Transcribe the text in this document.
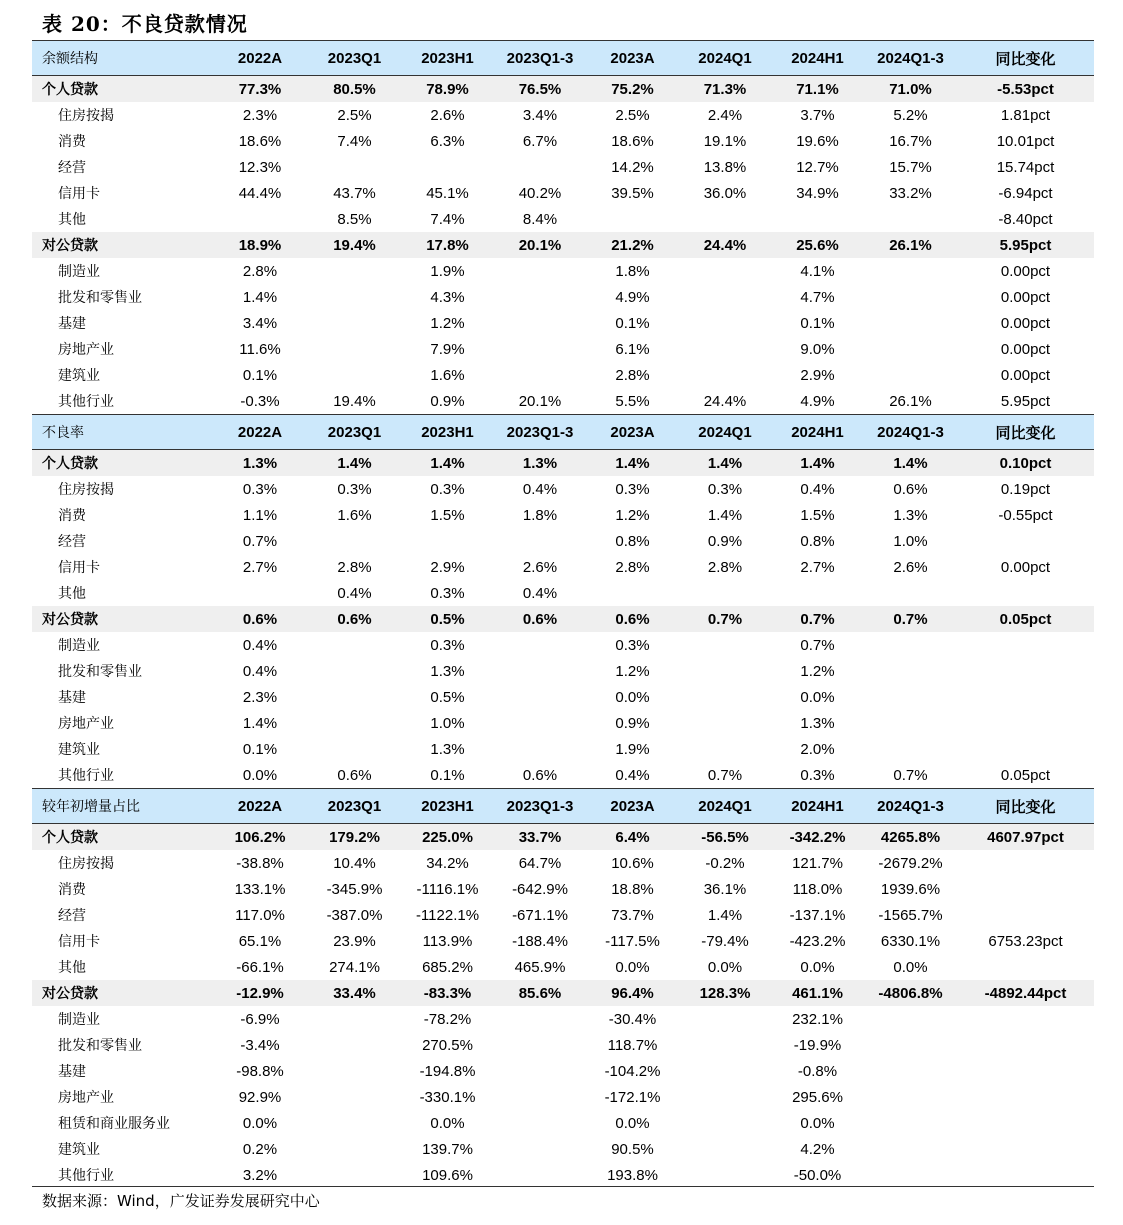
表 20：不良贷款情况
余额结构	2022A	2023Q1	2023H1	2023Q1-3	2023A	2024Q1	2024H1	2024Q1-3	同比变化
个人贷款	77.3%	80.5%	78.9%	76.5%	75.2%	71.3%	71.1%	71.0%	-5.53pct
住房按揭	2.3%	2.5%	2.6%	3.4%	2.5%	2.4%	3.7%	5.2%	1.81pct
消费	18.6%	7.4%	6.3%	6.7%	18.6%	19.1%	19.6%	16.7%	10.01pct
经营	12.3%				14.2%	13.8%	12.7%	15.7%	15.74pct
信用卡	44.4%	43.7%	45.1%	40.2%	39.5%	36.0%	34.9%	33.2%	-6.94pct
其他		8.5%	7.4%	8.4%					-8.40pct
对公贷款	18.9%	19.4%	17.8%	20.1%	21.2%	24.4%	25.6%	26.1%	5.95pct
制造业	2.8%		1.9%		1.8%		4.1%		0.00pct
批发和零售业	1.4%		4.3%		4.9%		4.7%		0.00pct
基建	3.4%		1.2%		0.1%		0.1%		0.00pct
房地产业	11.6%		7.9%		6.1%		9.0%		0.00pct
建筑业	0.1%		1.6%		2.8%		2.9%		0.00pct
其他行业	-0.3%	19.4%	0.9%	20.1%	5.5%	24.4%	4.9%	26.1%	5.95pct
不良率	2022A	2023Q1	2023H1	2023Q1-3	2023A	2024Q1	2024H1	2024Q1-3	同比变化
个人贷款	1.3%	1.4%	1.4%	1.3%	1.4%	1.4%	1.4%	1.4%	0.10pct
住房按揭	0.3%	0.3%	0.3%	0.4%	0.3%	0.3%	0.4%	0.6%	0.19pct
消费	1.1%	1.6%	1.5%	1.8%	1.2%	1.4%	1.5%	1.3%	-0.55pct
经营	0.7%				0.8%	0.9%	0.8%	1.0%	
信用卡	2.7%	2.8%	2.9%	2.6%	2.8%	2.8%	2.7%	2.6%	0.00pct
其他		0.4%	0.3%	0.4%					
对公贷款	0.6%	0.6%	0.5%	0.6%	0.6%	0.7%	0.7%	0.7%	0.05pct
制造业	0.4%		0.3%		0.3%		0.7%		
批发和零售业	0.4%		1.3%		1.2%		1.2%		
基建	2.3%		0.5%		0.0%		0.0%		
房地产业	1.4%		1.0%		0.9%		1.3%		
建筑业	0.1%		1.3%		1.9%		2.0%		
其他行业	0.0%	0.6%	0.1%	0.6%	0.4%	0.7%	0.3%	0.7%	0.05pct
较年初增量占比	2022A	2023Q1	2023H1	2023Q1-3	2023A	2024Q1	2024H1	2024Q1-3	同比变化
个人贷款	106.2%	179.2%	225.0%	33.7%	6.4%	-56.5%	-342.2%	4265.8%	4607.97pct
住房按揭	-38.8%	10.4%	34.2%	64.7%	10.6%	-0.2%	121.7%	-2679.2%	
消费	133.1%	-345.9%	-1116.1%	-642.9%	18.8%	36.1%	118.0%	1939.6%	
经营	117.0%	-387.0%	-1122.1%	-671.1%	73.7%	1.4%	-137.1%	-1565.7%	
信用卡	65.1%	23.9%	113.9%	-188.4%	-117.5%	-79.4%	-423.2%	6330.1%	6753.23pct
其他	-66.1%	274.1%	685.2%	465.9%	0.0%	0.0%	0.0%	0.0%	
对公贷款	-12.9%	33.4%	-83.3%	85.6%	96.4%	128.3%	461.1%	-4806.8%	-4892.44pct
制造业	-6.9%		-78.2%		-30.4%		232.1%		
批发和零售业	-3.4%		270.5%		118.7%		-19.9%		
基建	-98.8%		-194.8%		-104.2%		-0.8%		
房地产业	92.9%		-330.1%		-172.1%		295.6%		
租赁和商业服务业	0.0%		0.0%		0.0%		0.0%		
建筑业	0.2%		139.7%		90.5%		4.2%		
其他行业	3.2%		109.6%		193.8%		-50.0%		
数据来源：Wind，广发证券发展研究中心
